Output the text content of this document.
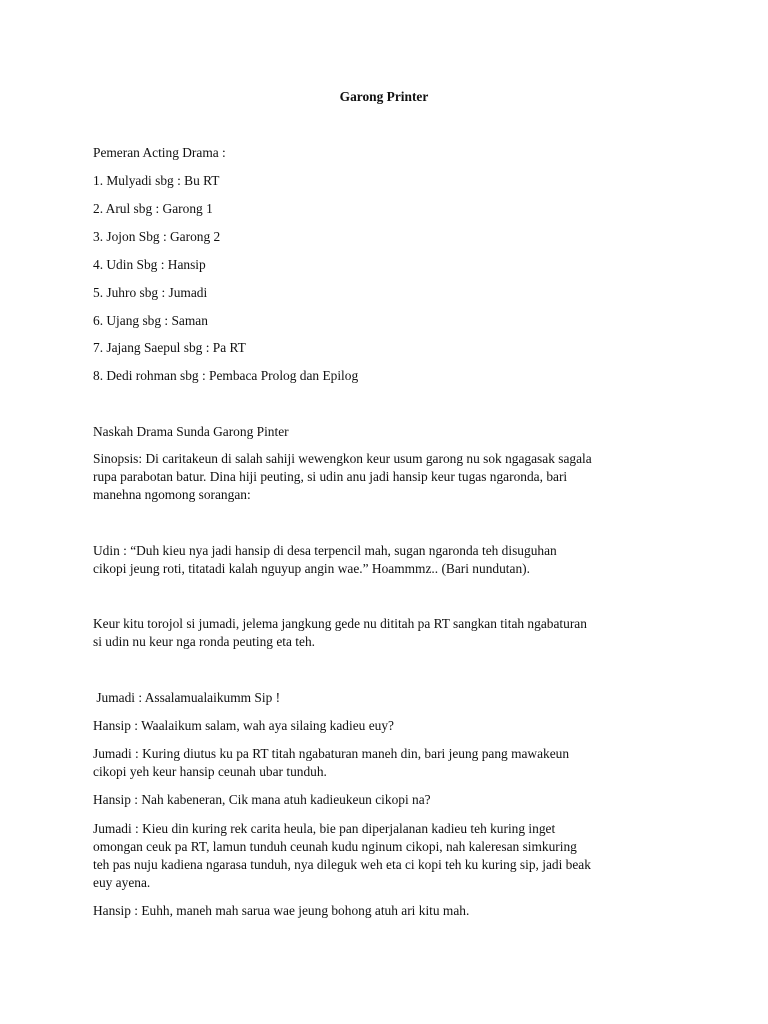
Garong Printer
Pemeran Acting Drama :
1. Mulyadi sbg : Bu RT
2. Arul sbg : Garong 1
3. Jojon Sbg : Garong 2
4. Udin Sbg : Hansip
5. Juhro sbg : Jumadi
6. Ujang sbg : Saman
7. Jajang Saepul sbg : Pa RT
8. Dedi rohman sbg : Pembaca Prolog dan Epilog
Naskah Drama Sunda Garong Pinter
Sinopsis: Di caritakeun di salah sahiji wewengkon keur usum garong nu sok ngagasak sagala
rupa parabotan batur. Dina hiji peuting, si udin anu jadi hansip keur tugas ngaronda, bari
manehna ngomong sorangan:
Udin : “Duh kieu nya jadi hansip di desa terpencil mah, sugan ngaronda teh disuguhan
cikopi jeung roti, titatadi kalah nguyup angin wae.” Hoammmz.. (Bari nundutan).
Keur kitu torojol si jumadi, jelema jangkung gede nu dititah pa RT sangkan titah ngabaturan
si udin nu keur nga ronda peuting eta teh.
Jumadi : Assalamualaikumm Sip !
Hansip : Waalaikum salam, wah aya silaing kadieu euy?
Jumadi : Kuring diutus ku pa RT titah ngabaturan maneh din, bari jeung pang mawakeun
cikopi yeh keur hansip ceunah ubar tunduh.
Hansip : Nah kabeneran, Cik mana atuh kadieukeun cikopi na?
Jumadi : Kieu din kuring rek carita heula, bie pan diperjalanan kadieu teh kuring inget
omongan ceuk pa RT, lamun tunduh ceunah kudu nginum cikopi, nah kaleresan simkuring
teh pas nuju kadiena ngarasa tunduh, nya dileguk weh eta ci kopi teh ku kuring sip, jadi beak
euy ayena.
Hansip : Euhh, maneh mah sarua wae jeung bohong atuh ari kitu mah.
